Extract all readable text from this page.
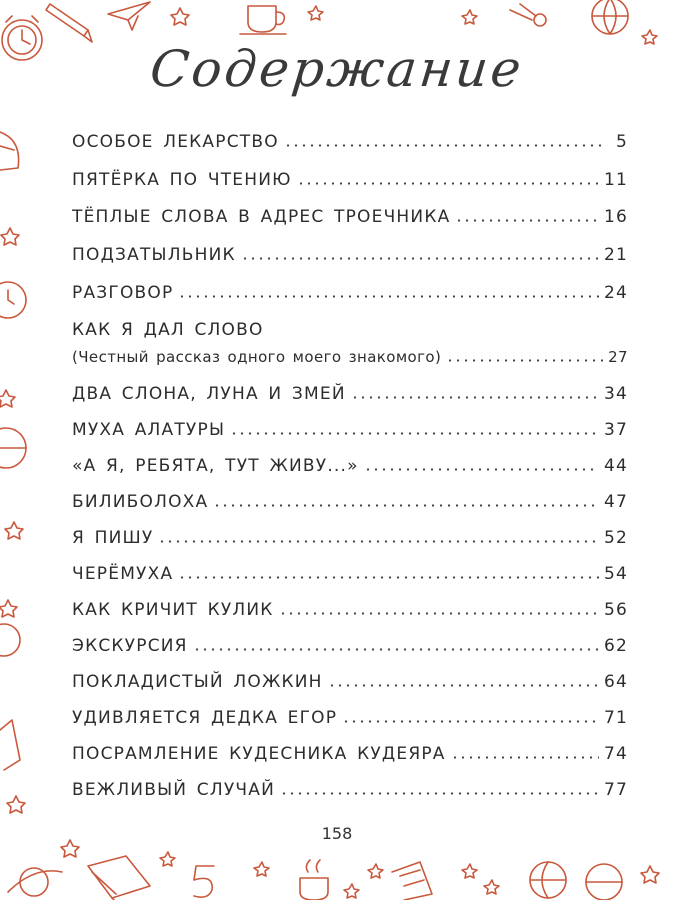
Содержание
ОСОБОЕ ЛЕКАРСТВО	5
ПЯТЁРКА ПО ЧТЕНИЮ	11
ТЁПЛЫЕ СЛОВА В АДРЕС ТРОЕЧНИКА	16
ПОДЗАТЫЛЬНИК	21
РАЗГОВОР	24
КАК Я ДАЛ СЛОВО
(Честный рассказ одного моего знакомого)	27
ДВА СЛОНА, ЛУНА И ЗМЕЙ	34
МУХА АЛАТУРЫ	37
«А Я, РЕБЯТА, ТУТ ЖИВУ...»	44
БИЛИБОЛОХА	47
Я ПИШУ	52
ЧЕРЁМУХА	54
КАК КРИЧИТ КУЛИК	56
ЭКСКУРСИЯ	62
ПОКЛАДИСТЫЙ ЛОЖКИН	64
УДИВЛЯЕТСЯ ДЕДКА ЕГОР	71
ПОСРАМЛЕНИЕ КУДЕСНИКА КУДЕЯРА	74
ВЕЖЛИВЫЙ СЛУЧАЙ	77
158
